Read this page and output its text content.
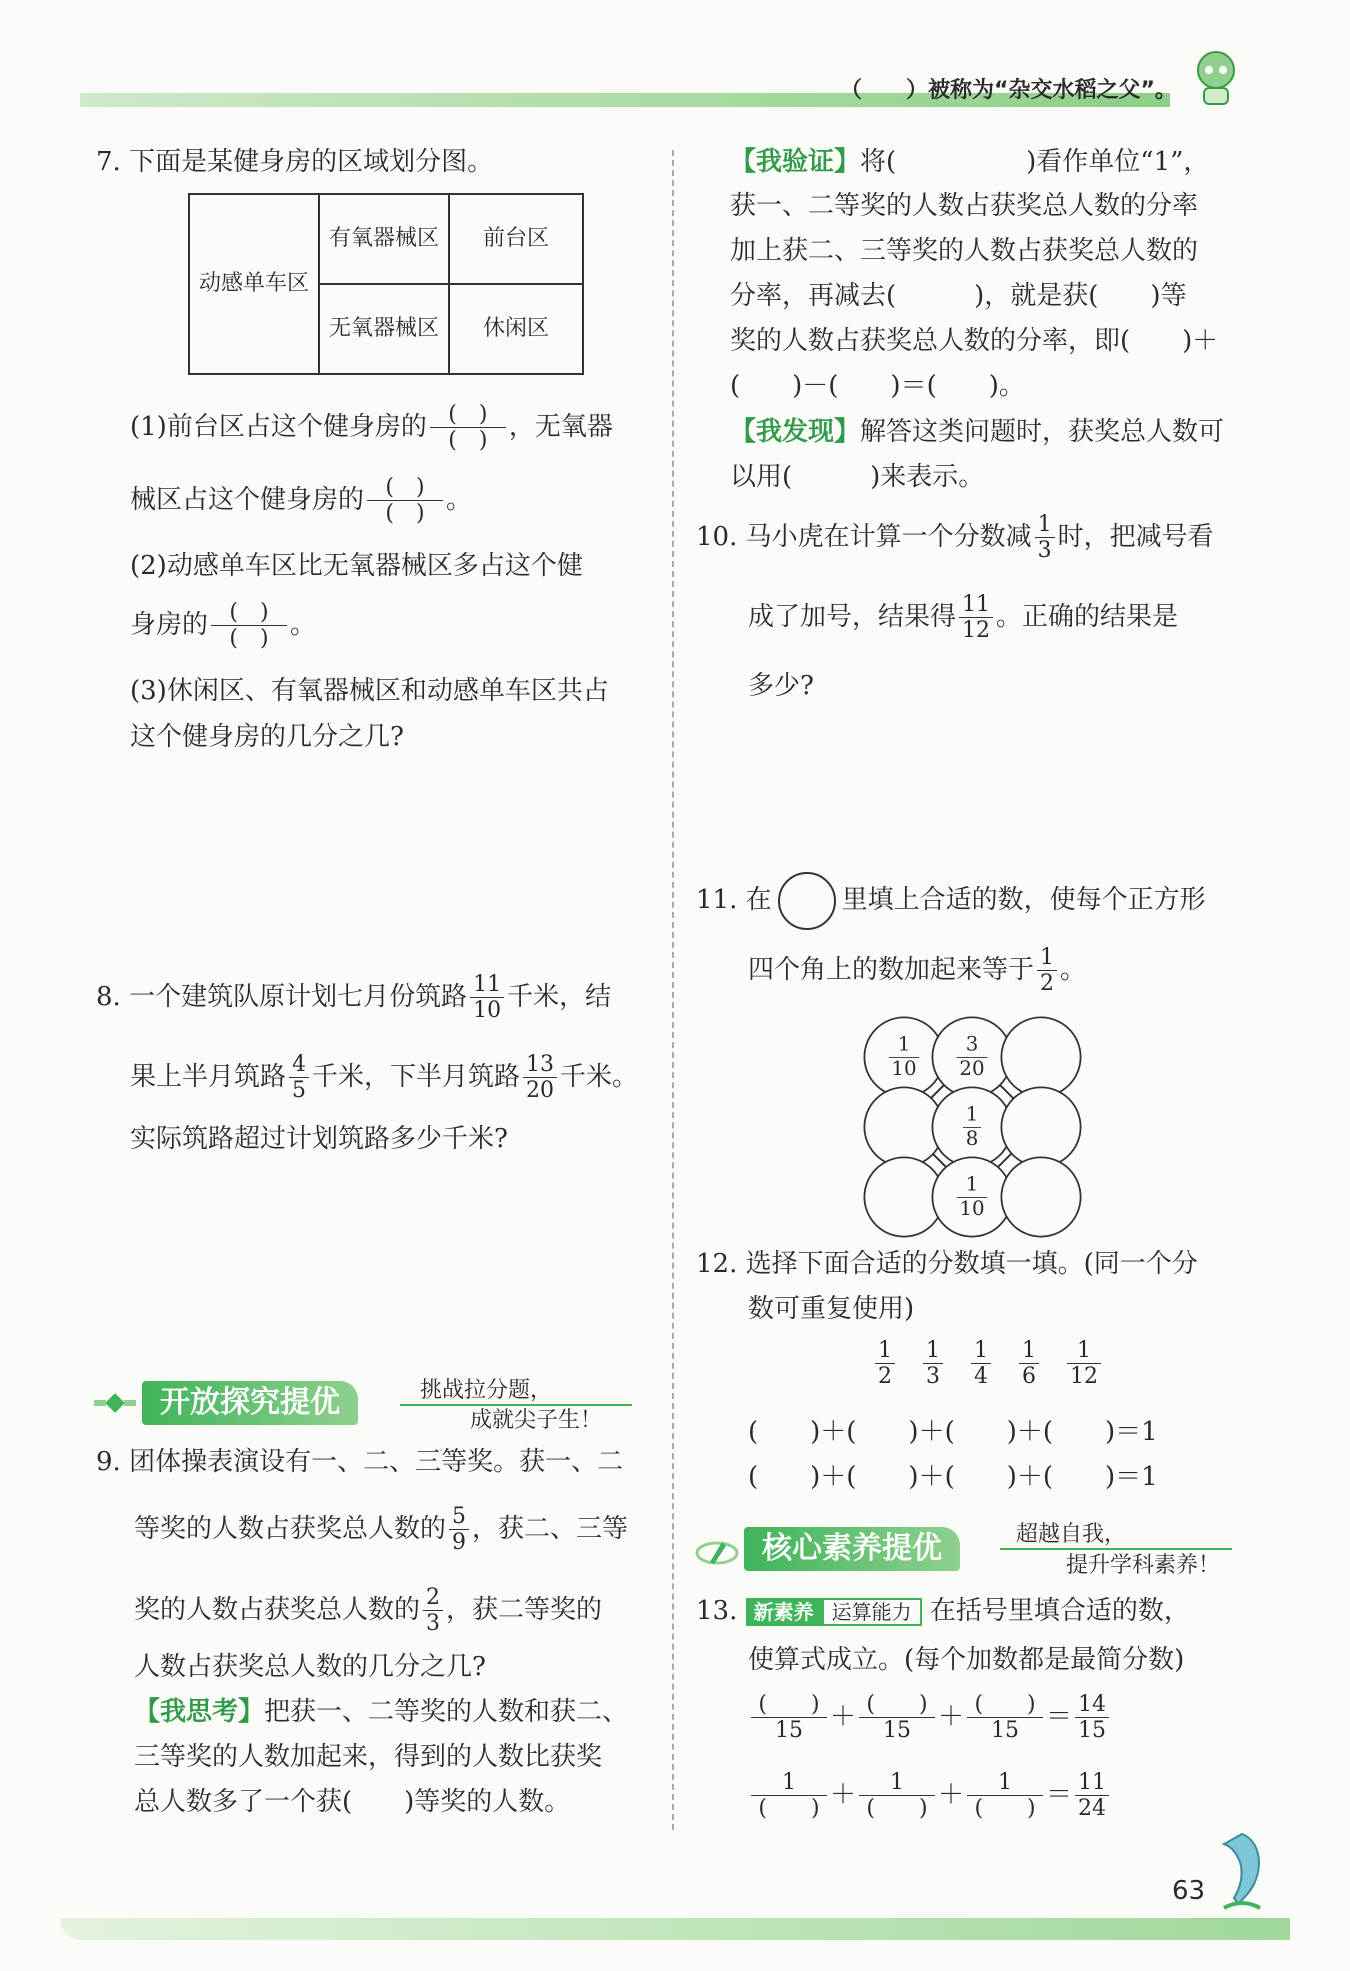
（　　）被称为“杂交水稻之父”。
7. 下面是某健身房的区域划分图。
动感单车区	有氧器械区	前台区
	无氧器械区	休闲区
(1)前台区占这个健身房的 $\frac{( )}{( )}$ ，无氧器
械区占这个健身房的 $\frac{( )}{( )}$ 。
(2)动感单车区比无氧器械区多占这个健
身房的 $\frac{( )}{( )}$ 。
(3)休闲区、有氧器械区和动感单车区共占
这个健身房的几分之几?
8. 一个建筑队原计划七月份筑路 $\frac{11}{10}$ 千米，结
果上半月筑路 $\frac{4}{5}$ 千米，下半月筑路 $\frac{13}{20}$ 千米。
实际筑路超过计划筑路多少千米?
开放探究提优	挑战拉分题，
成就尖子生！
9. 团体操表演设有一、二、三等奖。获一、二
等奖的人数占获奖总人数的 $\frac{5}{9}$ ，获二、三等
奖的人数占获奖总人数的 $\frac{2}{3}$ ，获二等奖的
人数占获奖总人数的几分之几?
【我思考】把获一、二等奖的人数和获二、
三等奖的人数加起来，得到的人数比获奖
总人数多了一个获(　　)等奖的人数。
【我验证】将(　　　　　)看作单位“1”，
获一、二等奖的人数占获奖总人数的分率
加上获二、三等奖的人数占获奖总人数的
分率，再减去(　　　)，就是获(　　)等
奖的人数占获奖总人数的分率，即(　　)＋
(　　)－(　　)＝(　　)。
【我发现】解答这类问题时，获奖总人数可
以用(　　　)来表示。
10. 马小虎在计算一个分数减 $\frac{1}{3}$ 时，把减号看
成了加号，结果得 $\frac{11}{12}$ 。正确的结果是
多少?
11. 在	里填上合适的数，使每个正方形
四个角上的数加起来等于 $\frac{1}{2}$ 。
$\frac{1}{10} \frac{3}{20}$
$\frac{1}{8}$
$\frac{1}{10}$
12. 选择下面合适的分数填一填。(同一个分
数可重复使用)
$\frac{1}{2} \frac{1}{3} \frac{1}{4} \frac{1}{6} \frac{1}{12}$
(　　)＋(　　)＋(　　)＋(　　)＝1
(　　)＋(　　)＋(　　)＋(　　)＝1
核心素养提优	超越自我，
提升学科素养！
13. 新素养 运算能力 在括号里填合适的数，
使算式成立。(每个加数都是最简分数)
$\frac{( )}{15} + \frac{( )}{15} + \frac{( )}{15} = \frac{14}{15}$
$\frac{1}{( )} + \frac{1}{( )} + \frac{1}{( )} = \frac{11}{24}$
63
